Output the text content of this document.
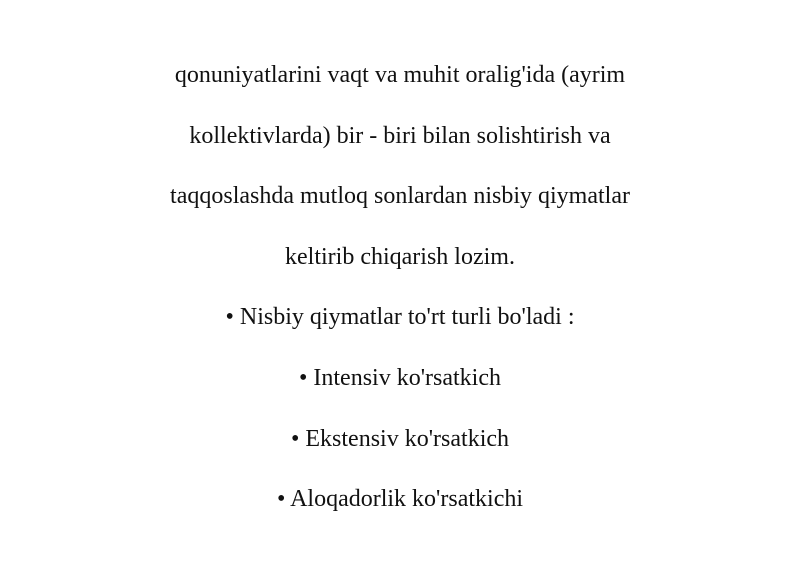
qonuniyatlarini vaqt va muhit oralig'ida (ayrim
kollektivlarda) bir - biri bilan solishtirish va
taqqoslashda mutloq sonlardan nisbiy qiymatlar
keltirib chiqarish lozim.
• Nisbiy qiymatlar to'rt turli bo'ladi :
• Intensiv ko'rsatkich
• Ekstensiv ko'rsatkich
• Aloqadorlik ko'rsatkichi
